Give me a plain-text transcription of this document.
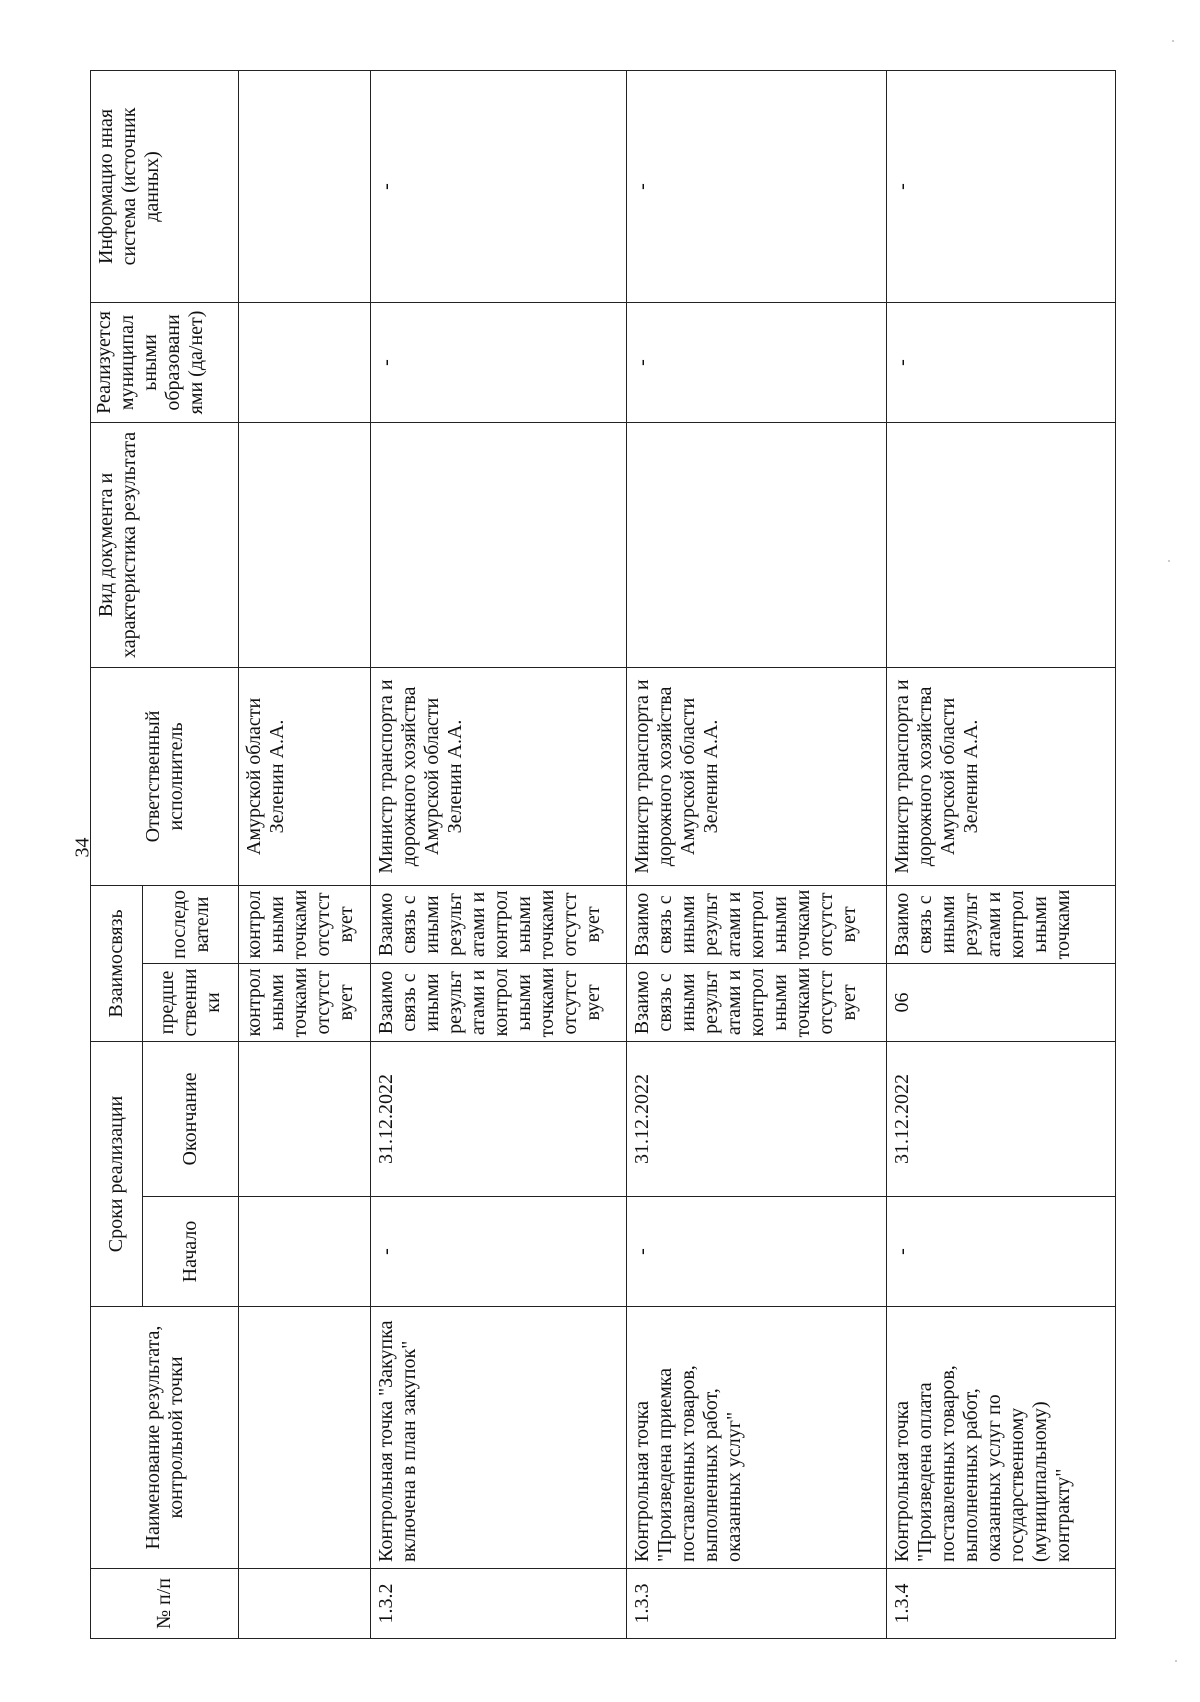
34
№ п/п	Наименование результата, контрольной точки	Сроки реализации		Взаимосвязь		Ответственный исполнитель	Вид документа и характеристика результата	Реализуется муниципал ьными образовани ями (да/нет)	Информацио нная система (источник данных)
		Начало	Окончание	предше ственни ки	последо ватели				
				контрол ьными точками отсутст вует	контрол ьными точками отсутст вует	Амурской области Зеленин А.А.			
1.3.2	Контрольная точка "Закупка включена в план закупок"	-	31.12.2022	Взаимо связь с иными результ атами и контрол ьными точками отсутст вует	Взаимо связь с иными результ атами и контрол ьными точками отсутст вует	Министр транспорта и дорожного хозяйства Амурской области Зеленин А.А.		-	-
1.3.3	Контрольная точка "Произведена приемка поставленных товаров, выполненных работ, оказанных услуг"	-	31.12.2022	Взаимо связь с иными результ атами и контрол ьными точками отсутст вует	Взаимо связь с иными результ атами и контрол ьными точками отсутст вует	Министр транспорта и дорожного хозяйства Амурской области Зеленин А.А.		-	-
1.3.4	Контрольная точка "Произведена оплата поставленных товаров, выполненных работ, оказанных услуг по государственному (муниципальному) контракту"	-	31.12.2022	06	Взаимо связь с иными результ атами и контрол ьными точками	Министр транспорта и дорожного хозяйства Амурской области Зеленин А.А.		-	-
